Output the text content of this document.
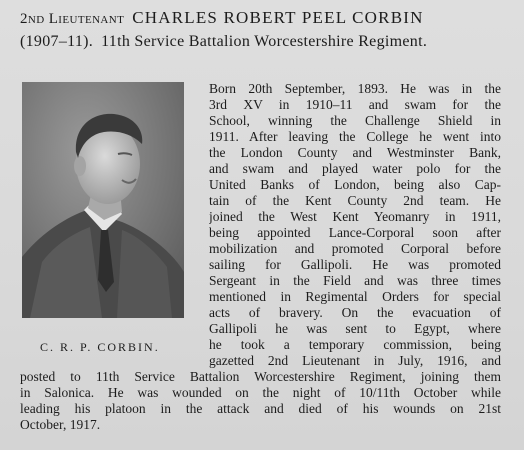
2nd Lieutenant CHARLES ROBERT PEEL CORBIN
(1907–11). 11th Service Battalion Worcestershire Regiment.
C. R. P. CORBIN.
Born 20th September, 1893. He was in the
3rd XV in 1910–11 and swam for the
School, winning the Challenge Shield in
1911. After leaving the College he went into
the London County and Westminster Bank,
and swam and played water polo for the
United Banks of London, being also Cap-
tain of the Kent County 2nd team. He
joined the West Kent Yeomanry in 1911,
being appointed Lance-Corporal soon after
mobilization and promoted Corporal before
sailing for Gallipoli. He was promoted
Sergeant in the Field and was three times
mentioned in Regimental Orders for special
acts of bravery. On the evacuation of
Gallipoli he was sent to Egypt, where
he took a temporary commission, being
gazetted 2nd Lieutenant in July, 1916, and
posted to 11th Service Battalion Worcestershire Regiment, joining them
in Salonica. He was wounded on the night of 10/11th October while
leading his platoon in the attack and died of his wounds on 21st
October, 1917.
